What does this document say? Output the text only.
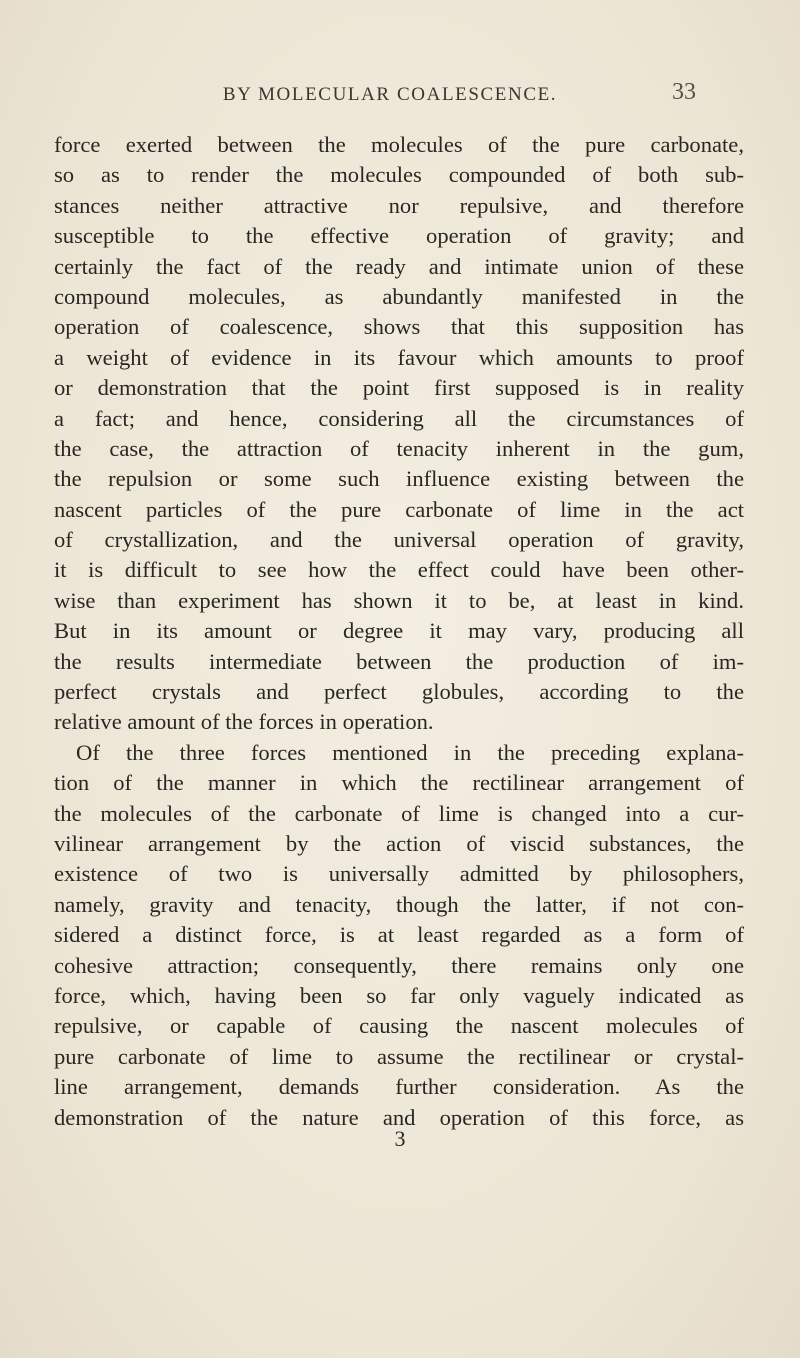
BY MOLECULAR COALESCENCE.	33
force exerted between the molecules of the pure carbonate,
so as to render the molecules compounded of both sub-
stances neither attractive nor repulsive, and therefore
susceptible to the effective operation of gravity; and
certainly the fact of the ready and intimate union of these
compound molecules, as abundantly manifested in the
operation of coalescence, shows that this supposition has
a weight of evidence in its favour which amounts to proof
or demonstration that the point first supposed is in reality
a fact; and hence, considering all the circumstances of
the case, the attraction of tenacity inherent in the gum,
the repulsion or some such influence existing between the
nascent particles of the pure carbonate of lime in the act
of crystallization, and the universal operation of gravity,
it is difficult to see how the effect could have been other-
wise than experiment has shown it to be, at least in kind.
But in its amount or degree it may vary, producing all
the results intermediate between the production of im-
perfect crystals and perfect globules, according to the
relative amount of the forces in operation.
Of the three forces mentioned in the preceding explana-
tion of the manner in which the rectilinear arrangement of
the molecules of the carbonate of lime is changed into a cur-
vilinear arrangement by the action of viscid substances, the
existence of two is universally admitted by philosophers,
namely, gravity and tenacity, though the latter, if not con-
sidered a distinct force, is at least regarded as a form of
cohesive attraction; consequently, there remains only one
force, which, having been so far only vaguely indicated as
repulsive, or capable of causing the nascent molecules of
pure carbonate of lime to assume the rectilinear or crystal-
line arrangement, demands further consideration. As the
demonstration of the nature and operation of this force, as
3
